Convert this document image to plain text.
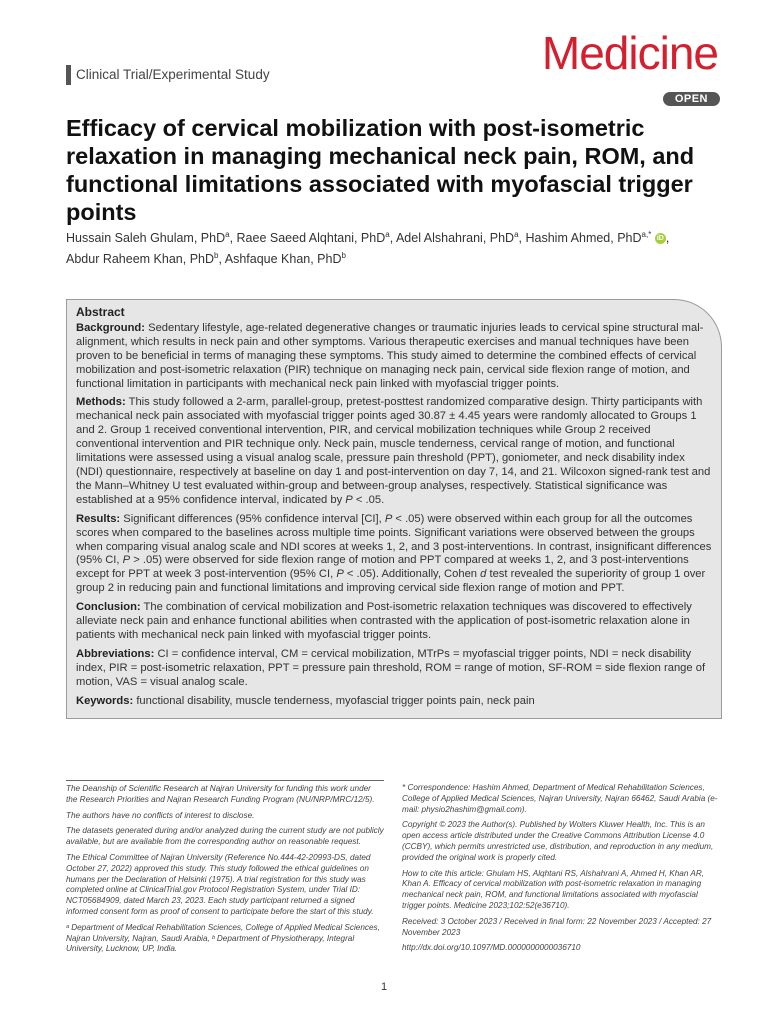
Clinical Trial/Experimental Study	Medicine
OPEN
Efficacy of cervical mobilization with post-isometric relaxation in managing mechanical neck pain, ROM, and functional limitations associated with myofascial trigger points
Hussain Saleh Ghulam, PhD$^a$, Raee Saeed Alqhtani, PhD$^a$, Adel Alshahrani, PhD$^a$, Hashim Ahmed, PhD$^{a,*}$ iD ,
Abdur Raheem Khan, PhD$^b$, Ashfaque Khan, PhD$^b$
Abstract

Background: Sedentary lifestyle, age-related degenerative changes or traumatic injuries leads to cervical spine structural mal-alignment, which results in neck pain and other symptoms. Various therapeutic exercises and manual techniques have been proven to be beneficial in terms of managing these symptoms. This study aimed to determine the combined effects of cervical mobilization and post-isometric relaxation (PIR) technique on managing neck pain, cervical side flexion range of motion, and functional limitation in participants with mechanical neck pain linked with myofascial trigger points.

Methods: This study followed a 2-arm, parallel-group, pretest-posttest randomized comparative design. Thirty participants with mechanical neck pain associated with myofascial trigger points aged 30.87 ± 4.45 years were randomly allocated to Groups 1 and 2. Group 1 received conventional intervention, PIR, and cervical mobilization techniques while Group 2 received conventional intervention and PIR technique only. Neck pain, muscle tenderness, cervical range of motion, and functional limitations were assessed using a visual analog scale, pressure pain threshold (PPT), goniometer, and neck disability index (NDI) questionnaire, respectively at baseline on day 1 and post-intervention on day 7, 14, and 21. Wilcoxon signed-rank test and the Mann–Whitney U test evaluated within-group and between-group analyses, respectively. Statistical significance was established at a 95% confidence interval, indicated by P < .05.

Results: Significant differences (95% confidence interval [CI], P < .05) were observed within each group for all the outcomes scores when compared to the baselines across multiple time points. Significant variations were observed between the groups when comparing visual analog scale and NDI scores at weeks 1, 2, and 3 post-interventions. In contrast, insignificant differences (95% CI, P > .05) were observed for side flexion range of motion and PPT compared at weeks 1, 2, and 3 post-interventions except for PPT at week 3 post-intervention (95% CI, P < .05). Additionally, Cohen d test revealed the superiority of group 1 over group 2 in reducing pain and functional limitations and improving cervical side flexion range of motion and PPT.

Conclusion: The combination of cervical mobilization and Post-isometric relaxation techniques was discovered to effectively alleviate neck pain and enhance functional abilities when contrasted with the application of post-isometric relaxation alone in patients with mechanical neck pain linked with myofascial trigger points.

Abbreviations: CI = confidence interval, CM = cervical mobilization, MTrPs = myofascial trigger points, NDI = neck disability index, PIR = post-isometric relaxation, PPT = pressure pain threshold, ROM = range of motion, SF-ROM = side flexion range of motion, VAS = visual analog scale.

Keywords: functional disability, muscle tenderness, myofascial trigger points pain, neck pain

The Deanship of Scientific Research at Najran University for funding this work under the Research Priorities and Najran Research Funding Program (NU/NRP/MRC/12/5).

The authors have no conflicts of interest to disclose.

The datasets generated during and/or analyzed during the current study are not publicly available, but are available from the corresponding author on reasonable request.

The Ethical Committee of Najran University (Reference No.444-42-20993-DS, dated October 27, 2022) approved this study. This study followed the ethical guidelines on humans per the Declaration of Helsinki (1975). A trial registration for this study was completed online at ClinicalTrial.gov Protocol Registration System, under Trial ID: NCT05684909, dated March 23, 2023. Each study participant returned a signed informed consent form as proof of consent to participate before the start of this study.

ᵃ Department of Medical Rehabilitation Sciences, College of Applied Medical Sciences, Najran University, Najran, Saudi Arabia, ᵇ Department of Physiotherapy, Integral University, Lucknow, UP, India.

* Correspondence: Hashim Ahmed, Department of Medical Rehabilitation Sciences, College of Applied Medical Sciences, Najran University, Najran 66462, Saudi Arabia (e-mail: physio2hashim@gmail.com).

Copyright © 2023 the Author(s). Published by Wolters Kluwer Health, Inc. This is an open access article distributed under the Creative Commons Attribution License 4.0 (CCBY), which permits unrestricted use, distribution, and reproduction in any medium, provided the original work is properly cited.

How to cite this article: Ghulam HS, Alqhtani RS, Alshahrani A, Ahmed H, Khan AR, Khan A. Efficacy of cervical mobilization with post-isometric relaxation in managing mechanical neck pain, ROM, and functional limitations associated with myofascial trigger points. Medicine 2023;102:52(e36710).

Received: 3 October 2023 / Received in final form: 22 November 2023 / Accepted: 27 November 2023

http://dx.doi.org/10.1097/MD.0000000000036710

1
